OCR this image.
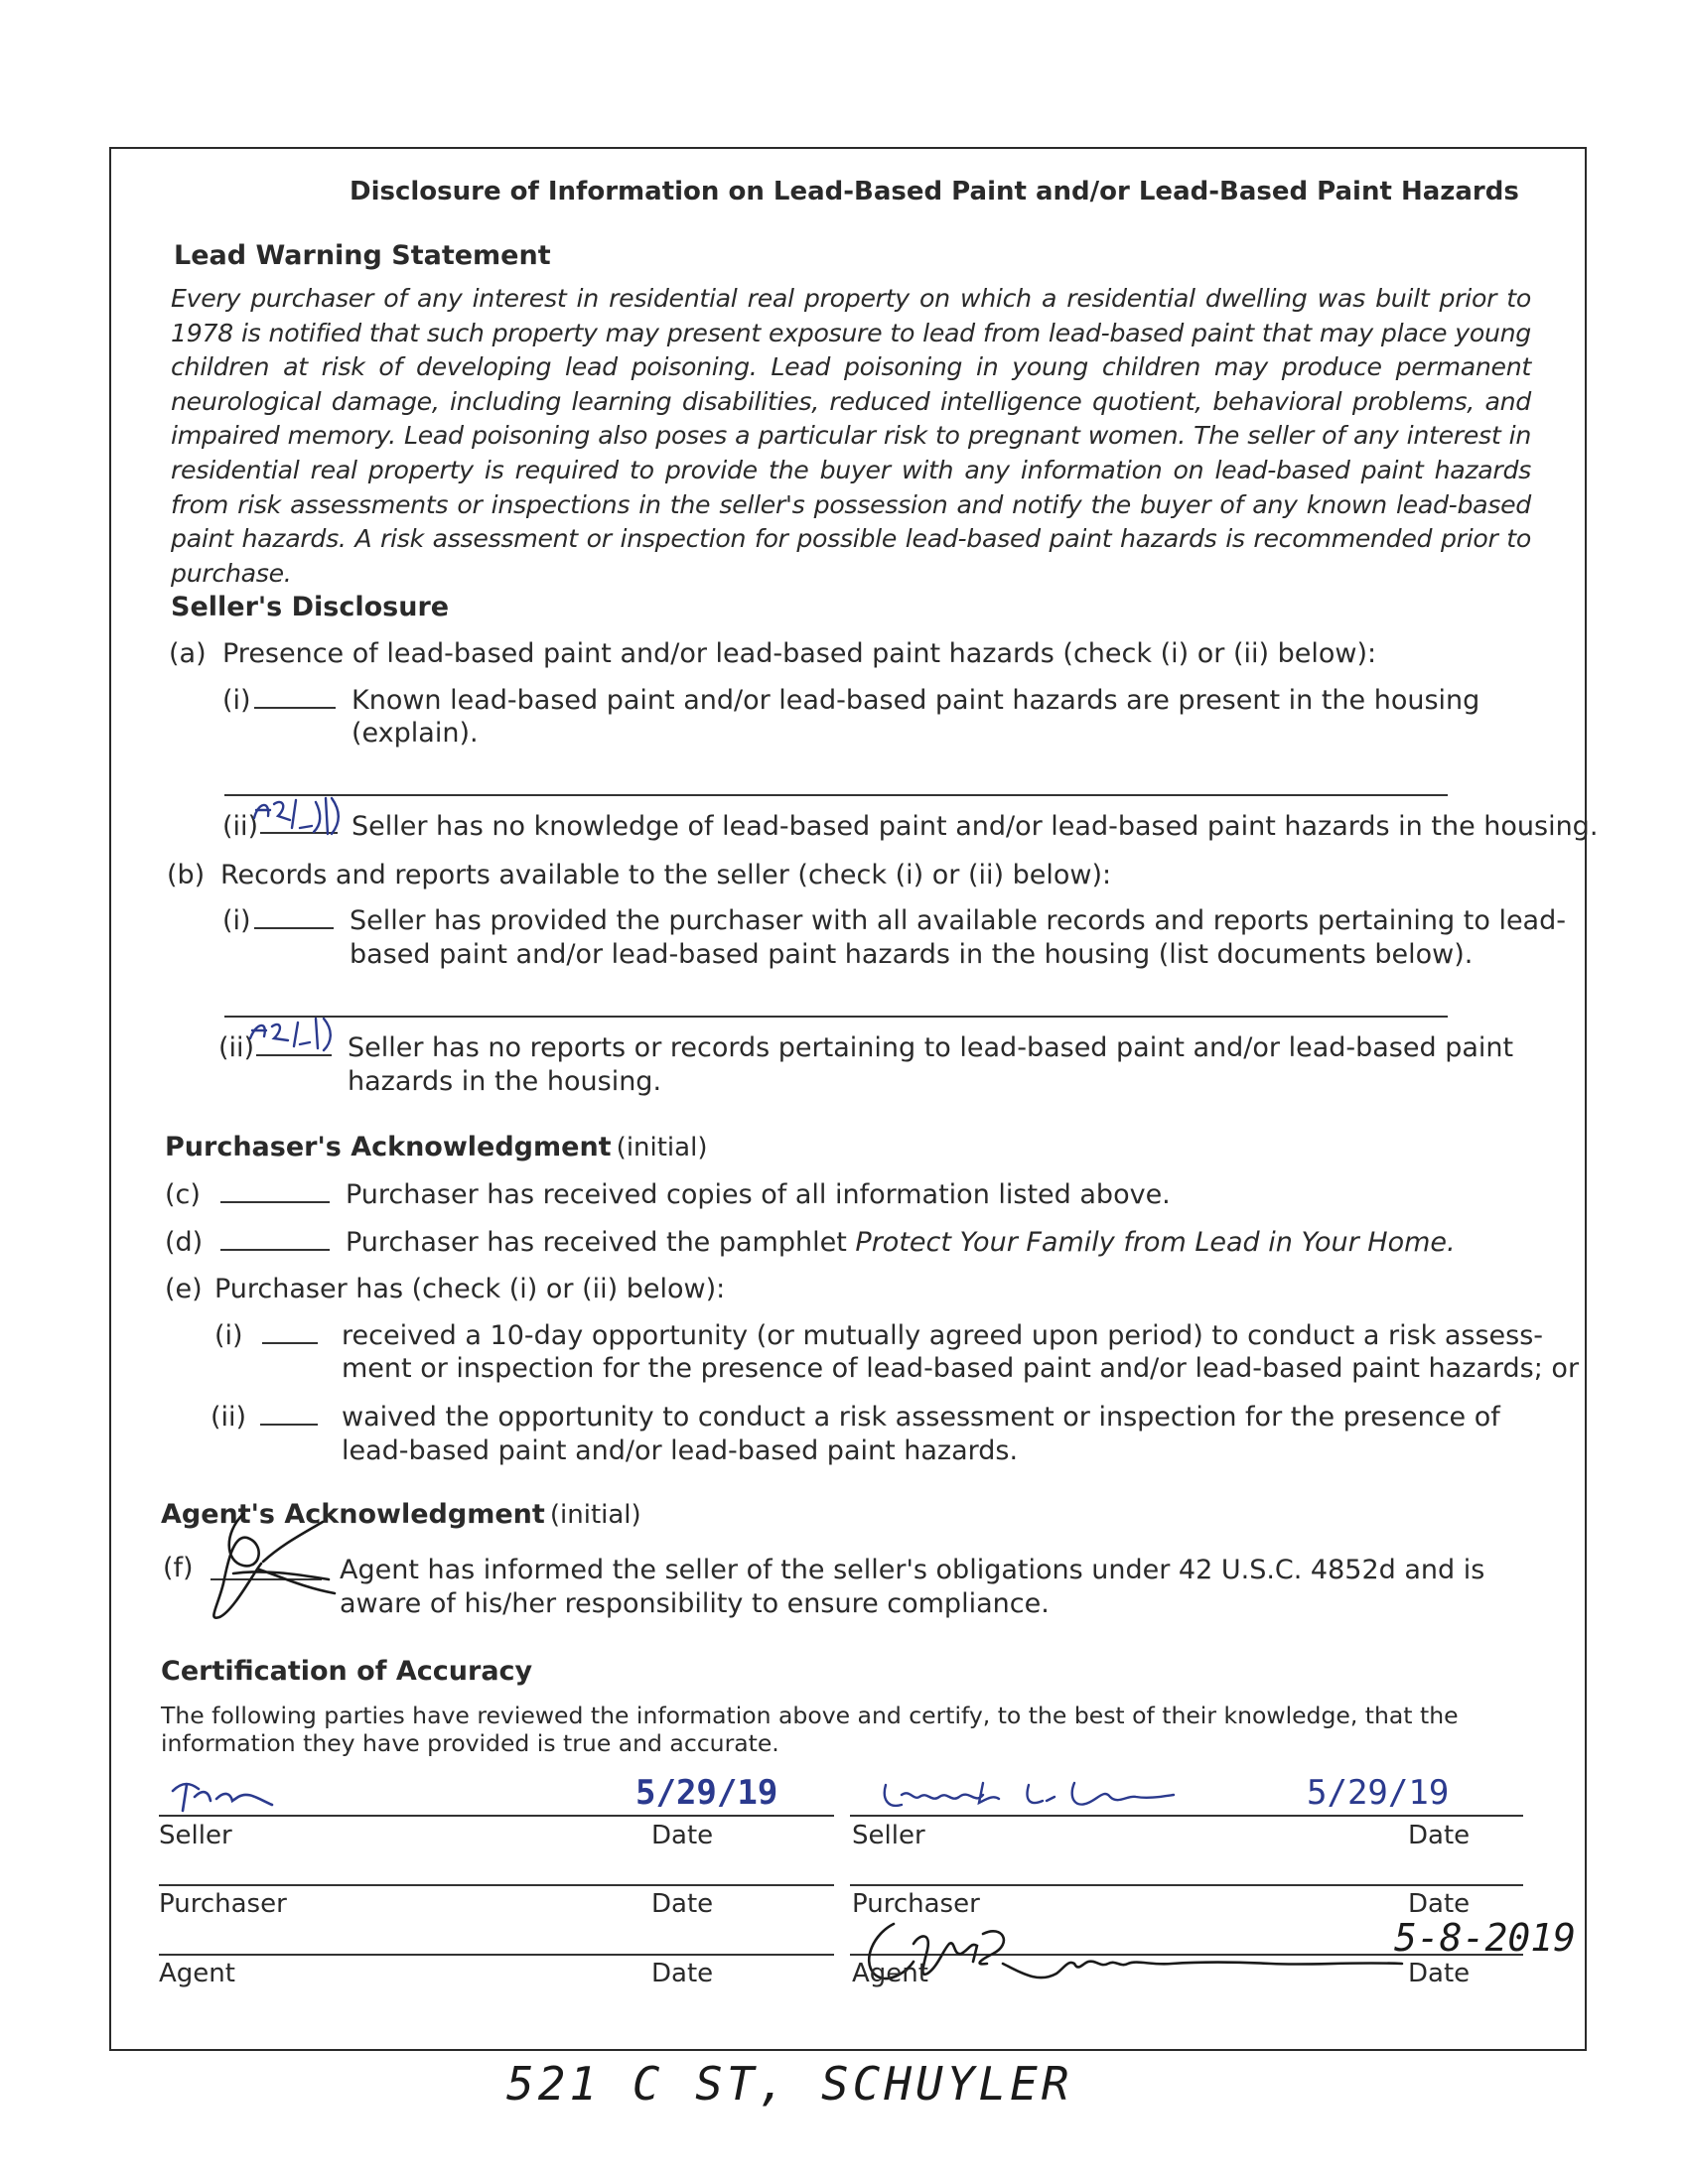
Disclosure of Information on Lead-Based Paint and/or Lead-Based Paint Hazards
Lead Warning Statement
Every purchaser of any interest in residential real property on which a residential dwelling was built prior to 1978 is notified that such property may present exposure to lead from lead-based paint that may place young children at risk of developing lead poisoning. Lead poisoning in young children may produce permanent neurological damage, including learning disabilities, reduced intelligence quotient, behavioral problems, and impaired memory. Lead poisoning also poses a particular risk to pregnant women. The seller of any interest in residential real property is required to provide the buyer with any information on lead-based paint hazards from risk assessments or inspections in the seller's possession and notify the buyer of any known lead-based paint hazards. A risk assessment or inspection for possible lead-based paint hazards is recommended prior to purchase.
Seller's Disclosure
(a) Presence of lead-based paint and/or lead-based paint hazards (check (i) or (ii) below):
(i)	Known lead-based paint and/or lead-based paint hazards are present in the housing
(explain).
(ii)	Seller has no knowledge of lead-based paint and/or lead-based paint hazards in the housing.
(b) Records and reports available to the seller (check (i) or (ii) below):
(i)	Seller has provided the purchaser with all available records and reports pertaining to lead-
based paint and/or lead-based paint hazards in the housing (list documents below).
(ii)	Seller has no reports or records pertaining to lead-based paint and/or lead-based paint
hazards in the housing.
Purchaser's Acknowledgment (initial)
(c)	Purchaser has received copies of all information listed above.
(d)	Purchaser has received the pamphlet Protect Your Family from Lead in Your Home.
(e) Purchaser has (check (i) or (ii) below):
(i)	received a 10-day opportunity (or mutually agreed upon period) to conduct a risk assess-
ment or inspection for the presence of lead-based paint and/or lead-based paint hazards; or
(ii)	waived the opportunity to conduct a risk assessment or inspection for the presence of
lead-based paint and/or lead-based paint hazards.
Agent's Acknowledgment (initial)
(f)	Agent has informed the seller of the seller's obligations under 42 U.S.C. 4852d and is
aware of his/her responsibility to ensure compliance.
Certification of Accuracy
The following parties have reviewed the information above and certify, to the best of their knowledge, that the
information they have provided is true and accurate.
5/29/19	5/29/19
Seller	Date	Seller	Date
Purchaser	Date	Purchaser	Date
5-8-2019
Agent	Date	Agent	Date
521 C ST, SCHUYLER
